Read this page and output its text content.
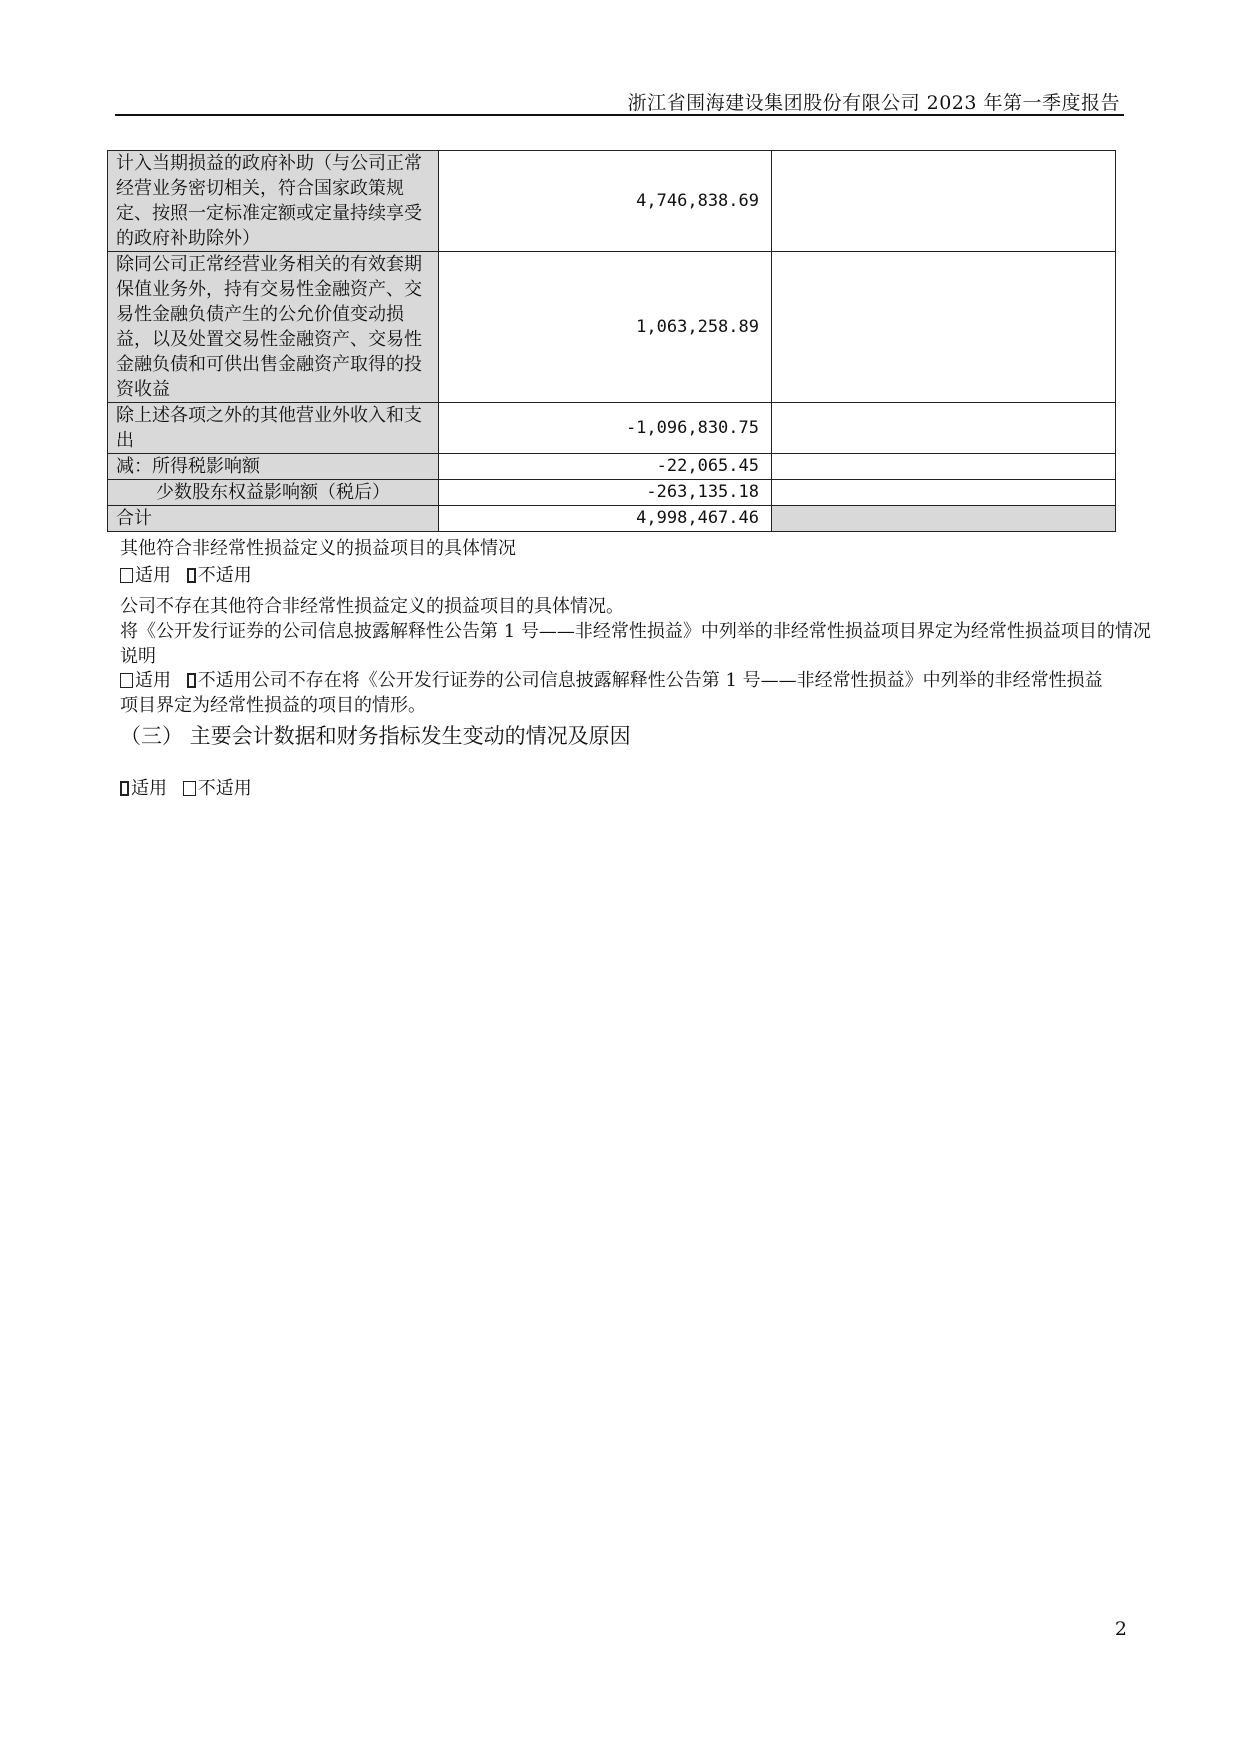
浙江省围海建设集团股份有限公司 2023 年第一季度报告
计入当期损益的政府补助（与公司正常经营业务密切相关，符合国家政策规定、按照一定标准定额或定量持续享受的政府补助除外）	4,746,838.69	
除同公司正常经营业务相关的有效套期保值业务外，持有交易性金融资产、交易性金融负债产生的公允价值变动损益，以及处置交易性金融资产、交易性金融负债和可供出售金融资产取得的投资收益	1,063,258.89	
除上述各项之外的其他营业外收入和支出	-1,096,830.75	
减：所得税影响额	-22,065.45	
少数股东权益影响额（税后）	-263,135.18	
合计	4,998,467.46	
其他符合非经常性损益定义的损益项目的具体情况
适用 不适用
公司不存在其他符合非经常性损益定义的损益项目的具体情况。
将《公开发行证券的公司信息披露解释性公告第 1 号——非经常性损益》中列举的非经常性损益项目界定为经常性损益项目的情况说明
适用 不适用公司不存在将《公开发行证券的公司信息披露解释性公告第 1 号——非经常性损益》中列举的非经常性损益
项目界定为经常性损益的项目的情形。
（三） 主要会计数据和财务指标发生变动的情况及原因
适用 不适用
2
